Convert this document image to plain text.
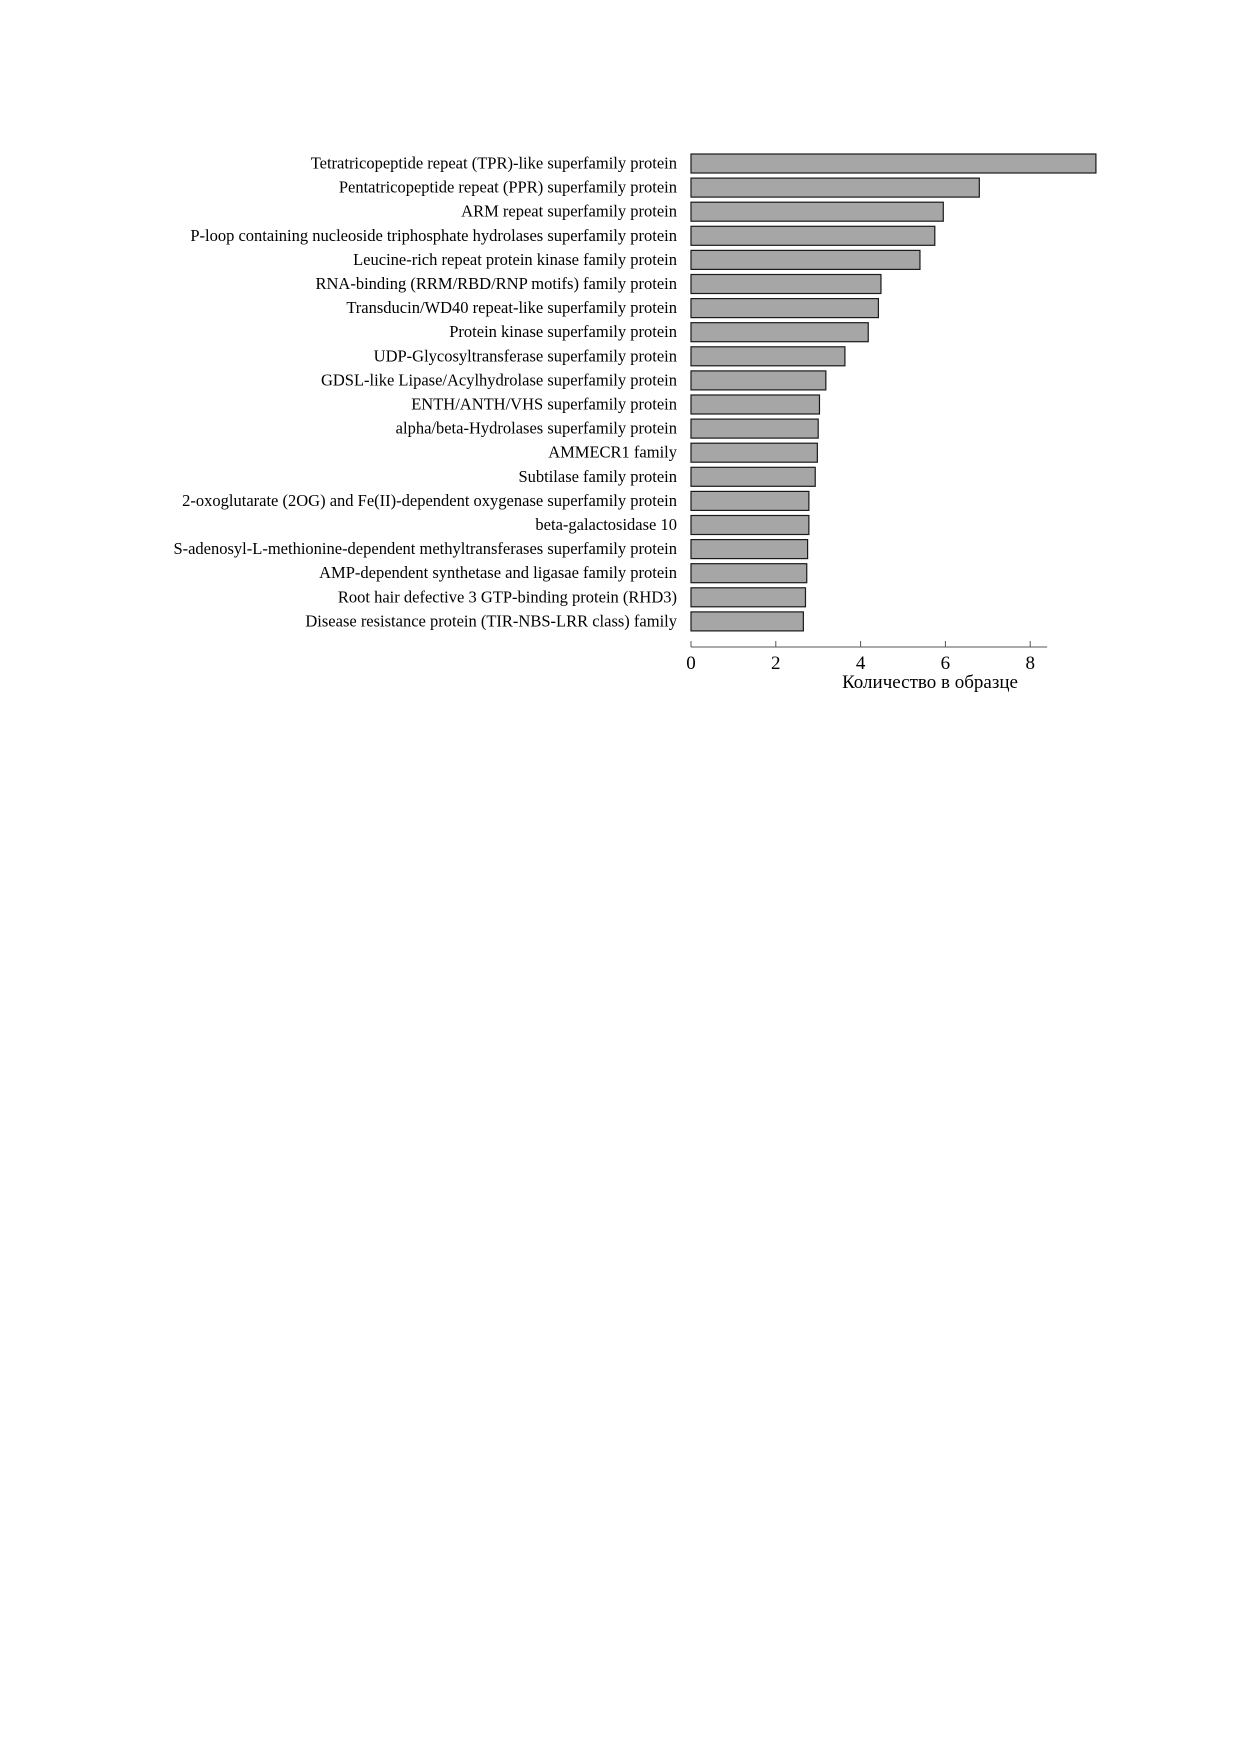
Tetratricopeptide repeat (TPR)-like superfamily protein
Pentatricopeptide repeat (PPR) superfamily protein
ARM repeat superfamily protein
P-loop containing nucleoside triphosphate hydrolases superfamily protein
Leucine-rich repeat protein kinase family protein
RNA-binding (RRM/RBD/RNP motifs) family protein
Transducin/WD40 repeat-like superfamily protein
Protein kinase superfamily protein
UDP-Glycosyltransferase superfamily protein
GDSL-like Lipase/Acylhydrolase superfamily protein
ENTH/ANTH/VHS superfamily protein
alpha/beta-Hydrolases superfamily protein
AMMECR1 family
Subtilase family protein
2-oxoglutarate (2OG) and Fe(II)-dependent oxygenase superfamily protein
beta-galactosidase 10
S-adenosyl-L-methionine-dependent methyltransferases superfamily protein
AMP-dependent synthetase and ligasae family protein
Root hair defective 3 GTP-binding protein (RHD3)
Disease resistance protein (TIR-NBS-LRR class) family
0	2	4	6	8
Количество в образце
